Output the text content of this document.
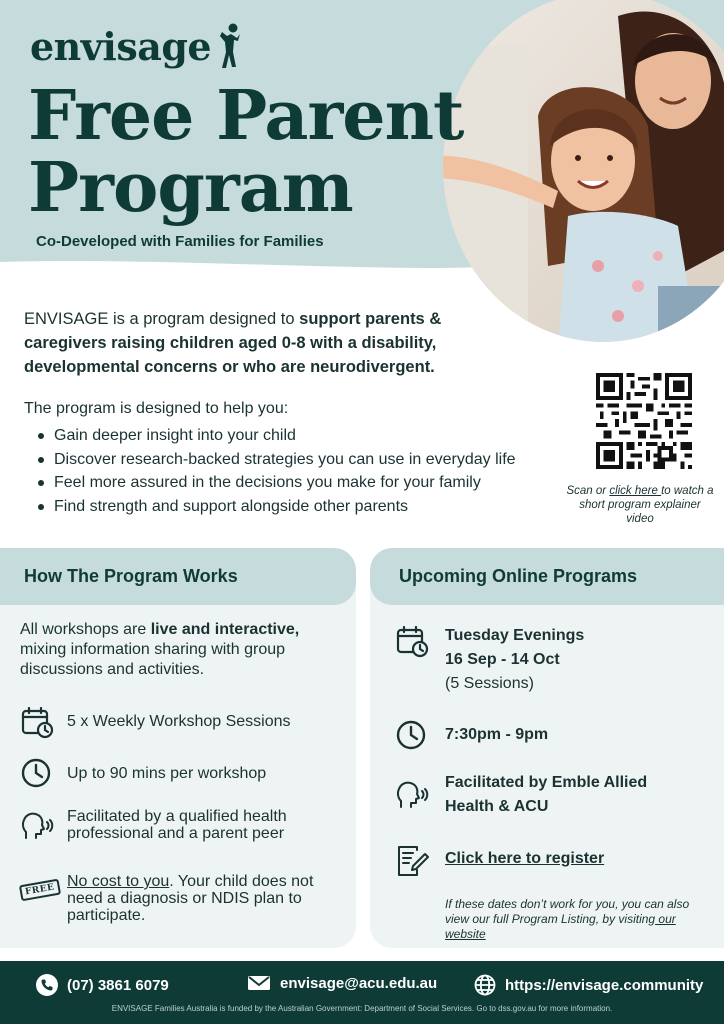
envisage
Free Parent
Program
Co-Developed with Families for Families

ENVISAGE is a program designed to support parents & caregivers raising children aged 0-8 with a disability, developmental concerns or who are neurodivergent.

The program is designed to help you:
Gain deeper insight into your child
Discover research-backed strategies you can use in everyday life
Feel more assured in the decisions you make for your family
Find strength and support alongside other parents
Scan or click here to watch a short program explainer video
How The Program Works

All workshops are live and interactive, mixing information sharing with group discussions and activities.

5 x Weekly Workshop Sessions
Up to 90 mins per workshop
Facilitated by a qualified health professional and a parent peer
FREE No cost to you. Your child does not need a diagnosis or NDIS plan to participate.
Upcoming Online Programs
Tuesday Evenings
16 Sep - 14 Oct
(5 Sessions)
7:30pm - 9pm
Facilitated by Emble Allied Health & ACU
Click here to register

If these dates don’t work for you, you can also view our full Program Listing, by visiting our website

(07) 3861 6079	envisage@acu.edu.au	https://envisage.community
ENVISAGE Families Australia is funded by the Australian Government: Department of Social Services. Go to dss.gov.au for more information.
